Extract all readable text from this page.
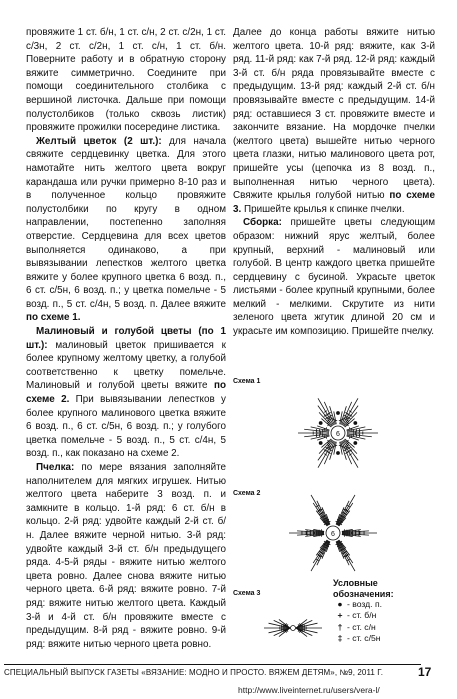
провяжите 1 ст. б/н, 1 ст. с/н, 2 ст. с/2н, 1 ст. с/3н, 2 ст. с/2н, 1 ст. с/н, 1 ст. б/н. Поверните работу и в обратную сторону вяжите симметрично. Соедините при помощи соединительного столбика с вершиной листочка. Дальше при помощи полустолбиков (только сквозь листик) провяжите прожилки посередине листика.

Желтый цветок (2 шт.): для начала свяжите сердцевинку цветка. Для этого намотайте нить желтого цвета вокруг карандаша или ручки примерно 8-10 раз и в полученное кольцо провяжите полустолбики по кругу в одном направлении, постепенно заполняя отверстие. Сердцевина для всех цветов выполняется одинаково, а при вывязывании лепестков желтого цветка вяжите у более крупного цветка 6 возд. п., 6 ст. с/5н, 6 возд. п.; у цветка помельче - 5 возд. п., 5 ст. с/4н, 5 возд. п. Далее вяжите по схеме 1.

Малиновый и голубой цветы (по 1 шт.): малиновый цветок пришивается к более крупному желтому цветку, а голубой соответственно к цветку помельче. Малиновый и голубой цветы вяжите по схеме 2. При вывязывании лепестков у более крупного малинового цветка вяжите 6 возд. п., 6 ст. с/5н, 6 возд. п.; у голубого цветка помельче - 5 возд. п., 5 ст. с/4н, 5 возд. п., как показано на схеме 2.

Пчелка: по мере вязания заполняйте наполнителем для мягких игрушек. Нитью желтого цвета наберите 3 возд. п. и замкните в кольцо. 1-й ряд: 6 ст. б/н в кольцо. 2-й ряд: удвойте каждый 2-й ст. б/н. Далее вяжите черной нитью. 3-й ряд: удвойте каждый 3-й ст. б/н предыдущего ряда. 4-5-й ряды - вяжите нитью желтого цвета ровно. Далее снова вяжите нитью черного цвета. 6-й ряд: вяжите ровно. 7-й ряд: вяжите нитью желтого цвета. Каждый 3-й и 4-й ст. б/н провяжите вместе с предыдущим. 8-й ряд - вяжите ровно. 9-й ряд: вяжите нитью черного цвета ровно.

Далее до конца работы вяжите нитью желтого цвета. 10-й ряд: вяжите, как 3-й ряд. 11-й ряд: как 7-й ряд. 12-й ряд: каждый 3-й ст. б/н ряда провязывайте вместе с предыдущим. 13-й ряд: каждый 2-й ст. б/н провязывайте вместе с предыдущим. 14-й ряд: оставшиеся 3 ст. провяжите вместе и закончите вязание. На мордочке пчелки (желтого цвета) вышейте нитью черного цвета глазки, нитью малинового цвета рот, пришейте усы (цепочка из 8 возд. п., выполненная нитью черного цвета). Свяжите крылья голубой нитью по схеме 3. Пришейте крылья к спинке пчелки.

Сборка: пришейте цветы следующим образом: нижний ярус желтый, более крупный, верхний - малиновый или голубой. В центр каждого цветка пришейте сердцевину с бусиной. Украсьте цветок листьями - более крупный крупными, более мелкий - мелкими. Скрутите из нити зеленого цвета жгутик длиной 20 см и украсьте им композицию. Пришейте пчелку.

Схема 1
Схема 2
Схема 3
6
6
Условные
обозначения:
● - возд. п.
+ - ст. б/н
† - ст. с/н
‡ - ст. с/5н
СПЕЦИАЛЬНЫЙ ВЫПУСК ГАЗЕТЫ «ВЯЗАНИЕ: МОДНО И ПРОСТО. ВЯЖЕМ ДЕТЯМ», №9, 2011 Г.	17
http://www.liveinternet.ru/users/vera-l/
